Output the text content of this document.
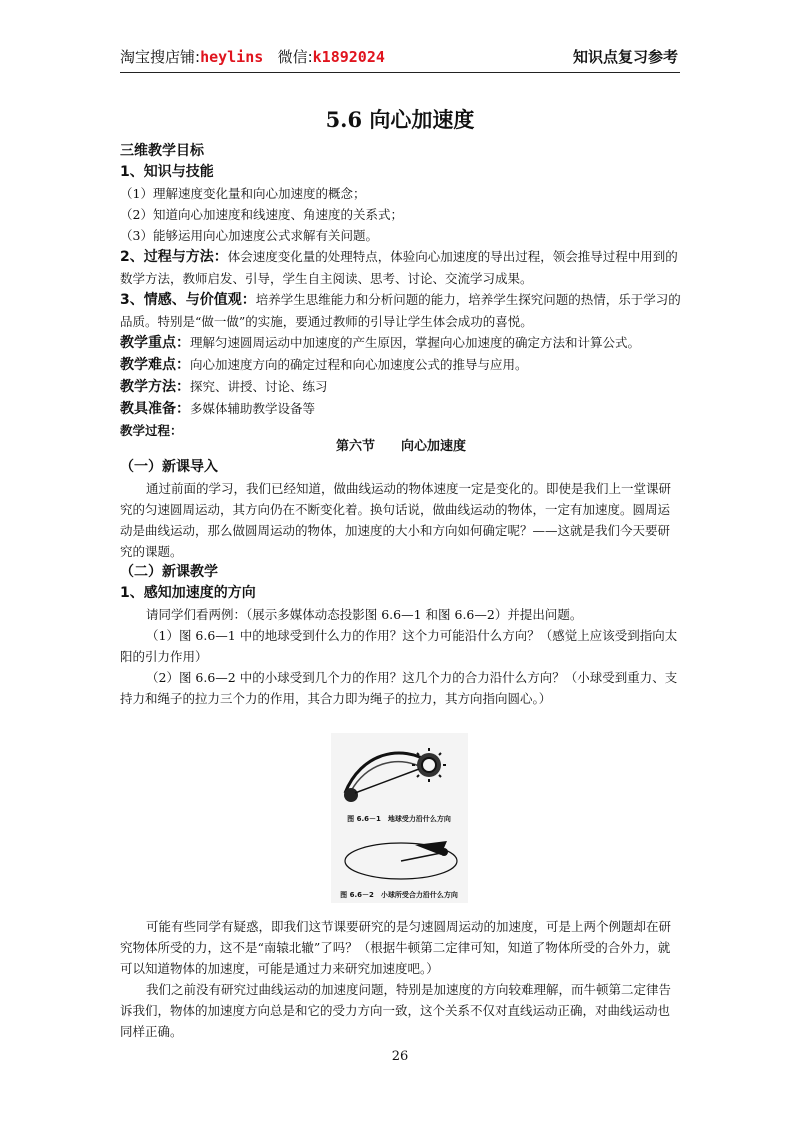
淘宝搜店铺:heylins 微信:k1892024	知识点复习参考
5.6 向心加速度
三维教学目标
1、知识与技能
（1）理解速度变化量和向心加速度的概念；
（2）知道向心加速度和线速度、角速度的关系式；
（3）能够运用向心加速度公式求解有关问题。
2、过程与方法：体会速度变化量的处理特点，体验向心加速度的导出过程，领会推导过程中用到的数学方法，教师启发、引导，学生自主阅读、思考、讨论、交流学习成果。
3、情感、与价值观：培养学生思维能力和分析问题的能力，培养学生探究问题的热情，乐于学习的品质。特别是“做一做”的实施，要通过教师的引导让学生体会成功的喜悦。
教学重点：理解匀速圆周运动中加速度的产生原因，掌握向心加速度的确定方法和计算公式。
教学难点：向心加速度方向的确定过程和向心加速度公式的推导与应用。
教学方法：探究、讲授、讨论、练习
教具准备：多媒体辅助教学设备等
教学过程：
第六节　　向心加速度
（一）新课导入
通过前面的学习，我们已经知道，做曲线运动的物体速度一定是变化的。即使是我们上一堂课研究的匀速圆周运动，其方向仍在不断变化着。换句话说，做曲线运动的物体，一定有加速度。圆周运动是曲线运动，那么做圆周运动的物体，加速度的大小和方向如何确定呢？——这就是我们今天要研究的课题。
（二）新课教学
1、感知加速度的方向
请同学们看两例：（展示多媒体动态投影图 6.6—1 和图 6.6—2）并提出问题。
（1）图 6.6—1 中的地球受到什么力的作用？这个力可能沿什么方向？（感觉上应该受到指向太阳的引力作用）
（2）图 6.6—2 中的小球受到几个力的作用？这几个力的合力沿什么方向？（小球受到重力、支持力和绳子的拉力三个力的作用，其合力即为绳子的拉力，其方向指向圆心。）
图 6.6－1　地球受力沿什么方向
图 6.6－2　小球所受合力沿什么方向
可能有些同学有疑惑，即我们这节课要研究的是匀速圆周运动的加速度，可是上两个例题却在研究物体所受的力，这不是“南辕北辙”了吗？（根据牛顿第二定律可知，知道了物体所受的合外力，就可以知道物体的加速度，可能是通过力来研究加速度吧。）
我们之前没有研究过曲线运动的加速度问题，特别是加速度的方向较难理解，而牛顿第二定律告诉我们，物体的加速度方向总是和它的受力方向一致，这个关系不仅对直线运动正确，对曲线运动也同样正确。
26
